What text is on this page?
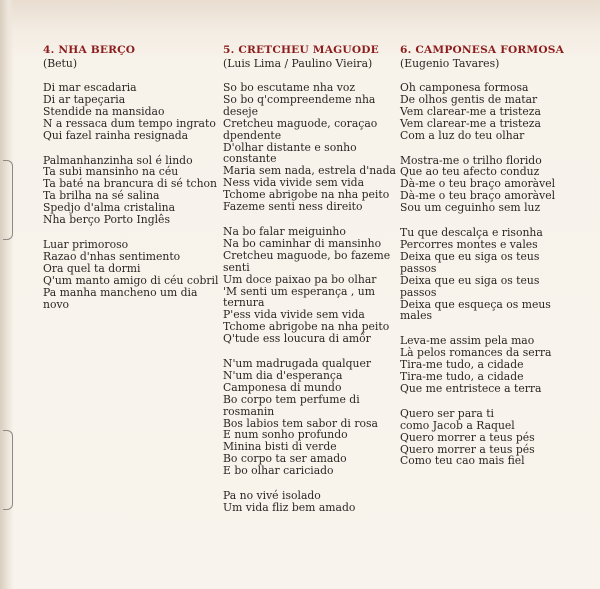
4. NHA BERÇO
(Betu)
Di mar escadaria
Di ar tapeçaria
Stendide na mansidao
N a ressaca dum tempo ingrato
Qui fazel rainha resignada
Palmanhanzinha sol é lindo
Ta subi mansinho na céu
Ta baté na brancura di sé tchon
Ta brilha na sé salina
Spedjo d'alma cristalina
Nha berço Porto Inglês
Luar primoroso
Razao d'nhas sentimento
Ora quel ta dormi
Q'um manto amigo di céu cobril
Pa manha mancheno um dia
novo
5. CRETCHEU MAGUODE
(Luis Lima / Paulino Vieira)
So bo escutame nha voz
So bo q'compreendeme nha
deseje
Cretcheu maguode, coraçao
dpendente
D'olhar distante e sonho
constante
Maria sem nada, estrela d'nada
Ness vida vivide sem vida
Tchome abrigobe na nha peito
Fazeme senti ness direito
Na bo falar meiguinho
Na bo caminhar di mansinho
Cretcheu maguode, bo fazeme
senti
Um doce paixao pa bo olhar
'M senti um esperança , um
ternura
P'ess vida vivide sem vida
Tchome abrigobe na nha peito
Q'tude ess loucura di amôr
N'um madrugada qualquer
N'um dia d'esperança
Camponesa di mundo
Bo corpo tem perfume di
rosmanin
Bos labios tem sabor di rosa
E num sonho profundo
Minina bisti di verde
Bo corpo ta ser amado
E bo olhar cariciado
Pa no vivé isolado
Um vida fliz bem amado
6. CAMPONESA FORMOSA
(Eugenio Tavares)
Oh camponesa formosa
De olhos gentis de matar
Vem clarear-me a tristeza
Vem clarear-me a tristeza
Com a luz do teu olhar
Mostra-me o trilho florido
Que ao teu afecto conduz
Dà-me o teu braço amoràvel
Dà-me o teu braço amoràvel
Sou um ceguinho sem luz
Tu que descalça e risonha
Percorres montes e vales
Deixa que eu siga os teus
passos
Deixa que eu siga os teus
passos
Deixa que esqueça os meus
males
Leva-me assim pela mao
Là pelos romances da serra
Tira-me tudo, a cidade
Tira-me tudo, a cidade
Que me entristece a terra
Quero ser para ti
como Jacob a Raquel
Quero morrer a teus pés
Quero morrer a teus pés
Como teu cao mais fiel
